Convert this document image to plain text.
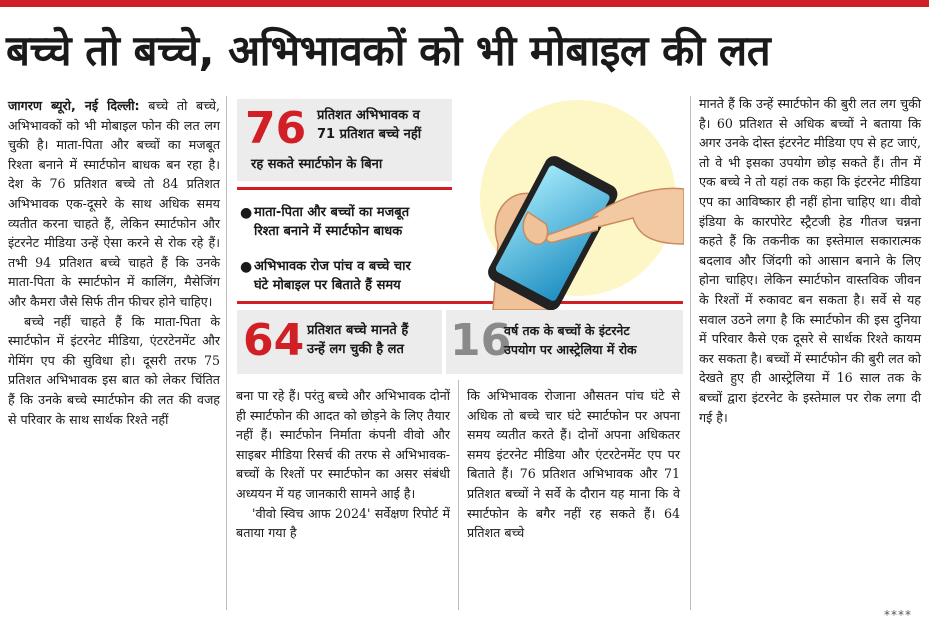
बच्चे तो बच्चे, अभिभावकों को भी मोबाइल की लत

जागरण ब्यूरो, नई दिल्ली: बच्चे तो बच्चे, अभिभावकों को भी मोबाइल फोन की लत लग चुकी है। माता-पिता और बच्चों का मजबूत रिश्ता बनाने में स्मार्टफोन बाधक बन रहा है। देश के 76 प्रतिशत बच्चे तो 84 प्रतिशत अभिभावक एक-दूसरे के साथ अधिक समय व्यतीत करना चाहते हैं, लेकिन स्मार्टफोन और इंटरनेट मीडिया उन्हें ऐसा करने से रोक रहे हैं। तभी 94 प्रतिशत बच्चे चाहते हैं कि उनके माता-पिता के स्मार्टफोन में कालिंग, मैसेजिंग और कैमरा जैसे सिर्फ तीन फीचर होने चाहिए।

बच्चे नहीं चाहते हैं कि माता-पिता के स्मार्टफोन में इंटरनेट मीडिया, एंटरटेनमेंट और गेमिंग एप की सुविधा हो। दूसरी तरफ 75 प्रतिशत अभिभावक इस बात को लेकर चिंतित हैं कि उनके बच्चे स्मार्टफोन की लत की वजह से परिवार के साथ सार्थक रिश्ते नहीं

76 प्रतिशत अभिभावक व
71 प्रतिशत बच्चे नहीं
रह सकते स्मार्टफोन के बिना
● माता-पिता और बच्चों का मजबूत
रिश्ता बनाने में स्मार्टफोन बाधक
● अभिभावक रोज पांच व बच्चे चार
घंटे मोबाइल पर बिताते हैं समय
64 प्रतिशत बच्चे मानते हैं
उन्हें लग चुकी है लत 16
वर्ष तक के बच्चों के इंटरनेट
उपयोग पर आस्ट्रेलिया में रोक

बना पा रहे हैं। परंतु बच्चे और अभिभावक दोनों ही स्मार्टफोन की आदत को छोड़ने के लिए तैयार नहीं हैं। स्मार्टफोन निर्माता कंपनी वीवो और साइबर मीडिया रिसर्च की तरफ से अभिभावक-बच्चों के रिश्तों पर स्मार्टफोन का असर संबंधी अध्ययन में यह जानकारी सामने आई है।

'वीवो स्विच आफ 2024' सर्वेक्षण रिपोर्ट में बताया गया है

कि अभिभावक रोजाना औसतन पांच घंटे से अधिक तो बच्चे चार घंटे स्मार्टफोन पर अपना समय व्यतीत करते हैं। दोनों अपना अधिकतर समय इंटरनेट मीडिया और एंटरटेनमेंट एप पर बिताते हैं। 76 प्रतिशत अभिभावक और 71 प्रतिशत बच्चों ने सर्वे के दौरान यह माना कि वे स्मार्टफोन के बगैर नहीं रह सकते हैं। 64 प्रतिशत बच्चे

मानते हैं कि उन्हें स्मार्टफोन की बुरी लत लग चुकी है। 60 प्रतिशत से अधिक बच्चों ने बताया कि अगर उनके दोस्त इंटरनेट मीडिया एप से हट जाएं, तो वे भी इसका उपयोग छोड़ सकते हैं। तीन में एक बच्चे ने तो यहां तक कहा कि इंटरनेट मीडिया एप का आविष्कार ही नहीं होना चाहिए था। वीवो इंडिया के कारपोरेट स्ट्रैटजी हेड गीतज चन्नना कहते हैं कि तकनीक का इस्तेमाल सकारात्मक बदलाव और जिंदगी को आसान बनाने के लिए होना चाहिए। लेकिन स्मार्टफोन वास्तविक जीवन के रिश्तों में रुकावट बन सकता है। सर्वे से यह सवाल उठने लगा है कि स्मार्टफोन की इस दुनिया में परिवार कैसे एक दूसरे से सार्थक रिश्ते कायम कर सकता है। बच्चों में स्मार्टफोन की बुरी लत को देखते हुए ही आस्ट्रेलिया में 16 साल तक के बच्चों द्वारा इंटरनेट के इस्तेमाल पर रोक लगा दी गई है।

****
